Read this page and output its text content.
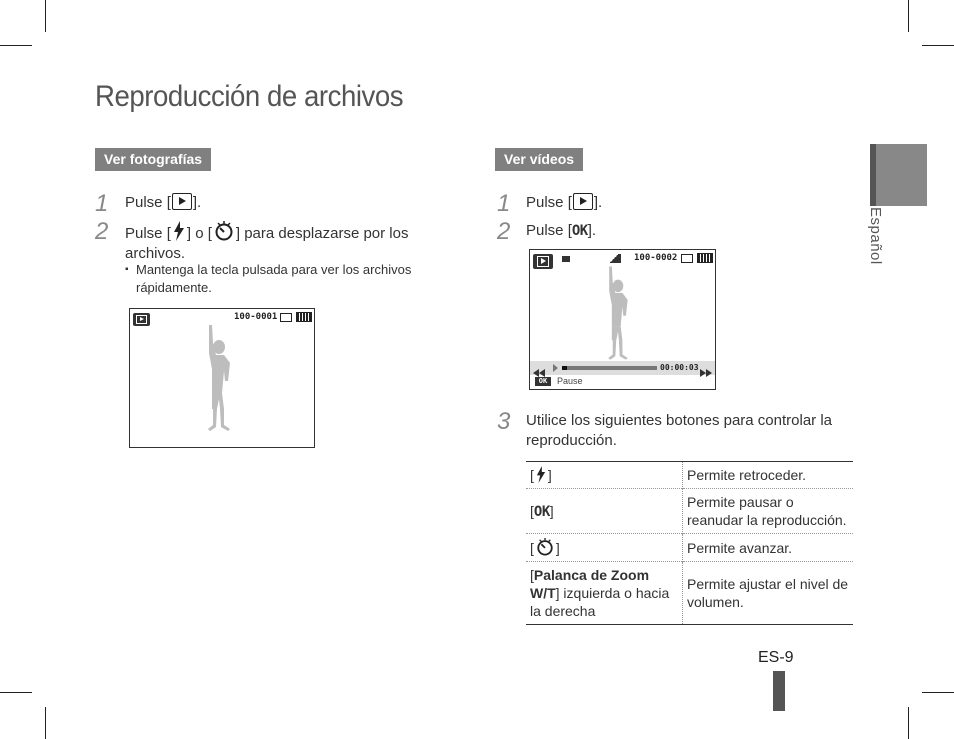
Reproducción de archivos
Español
Ver fotografías
1 Pulse [ ].
2 Pulse [ ] o [ ] para desplazarse por los
archivos.
▪ Mantenga la tecla pulsada para ver los archivos
rápidamente.
100-0001
Ver vídeos
1 Pulse [ ].
2 Pulse [OK].
100-0002
00:00:03
OK	Pause
3 Utilice los siguientes botones para controlar la
reproducción.
[ ]	Permite retroceder.
[OK]	Permite pausar o
reanudar la reproducción.
[ ]	Permite avanzar.
[Palanca de Zoom
W/T] izquierda o hacia
la derecha	Permite ajustar el nivel de
volumen.
ES-9
